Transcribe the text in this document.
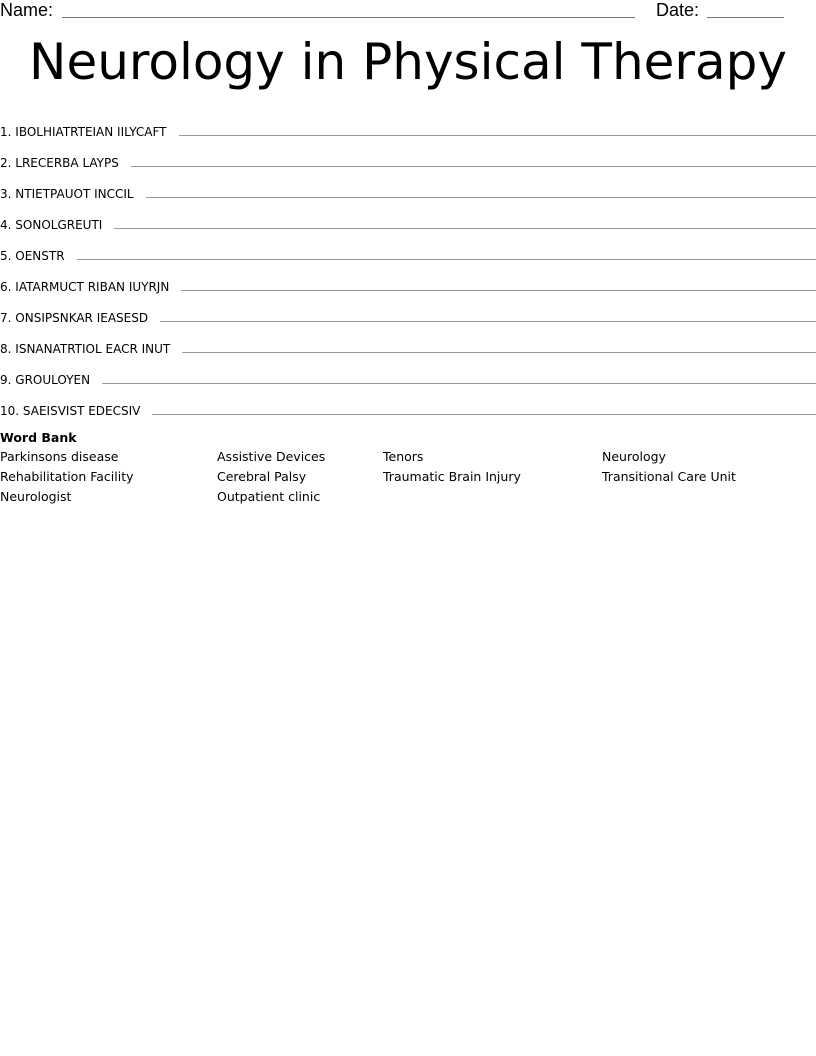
Name:	Date:
Neurology in Physical Therapy
1.
IBOLHIATRTEIAN IILYCAFT
2.
LRECERBA LAYPS
3.
NTIETPAUOT INCCIL
4.
SONOLGREUTI
5.
OENSTR
6.
IATARMUCT RIBAN IUYRJN
7.
ONSIPSNKAR IEASESD
8.
ISNANATRTIOL EACR INUT
9.
GROULOYEN
10.
SAEISVIST EDECSIV
Word Bank
Parkinsons disease	Assistive Devices	Tenors	Neurology
Rehabilitation Facility	Cerebral Palsy	Traumatic Brain Injury	Transitional Care Unit
Neurologist	Outpatient clinic
